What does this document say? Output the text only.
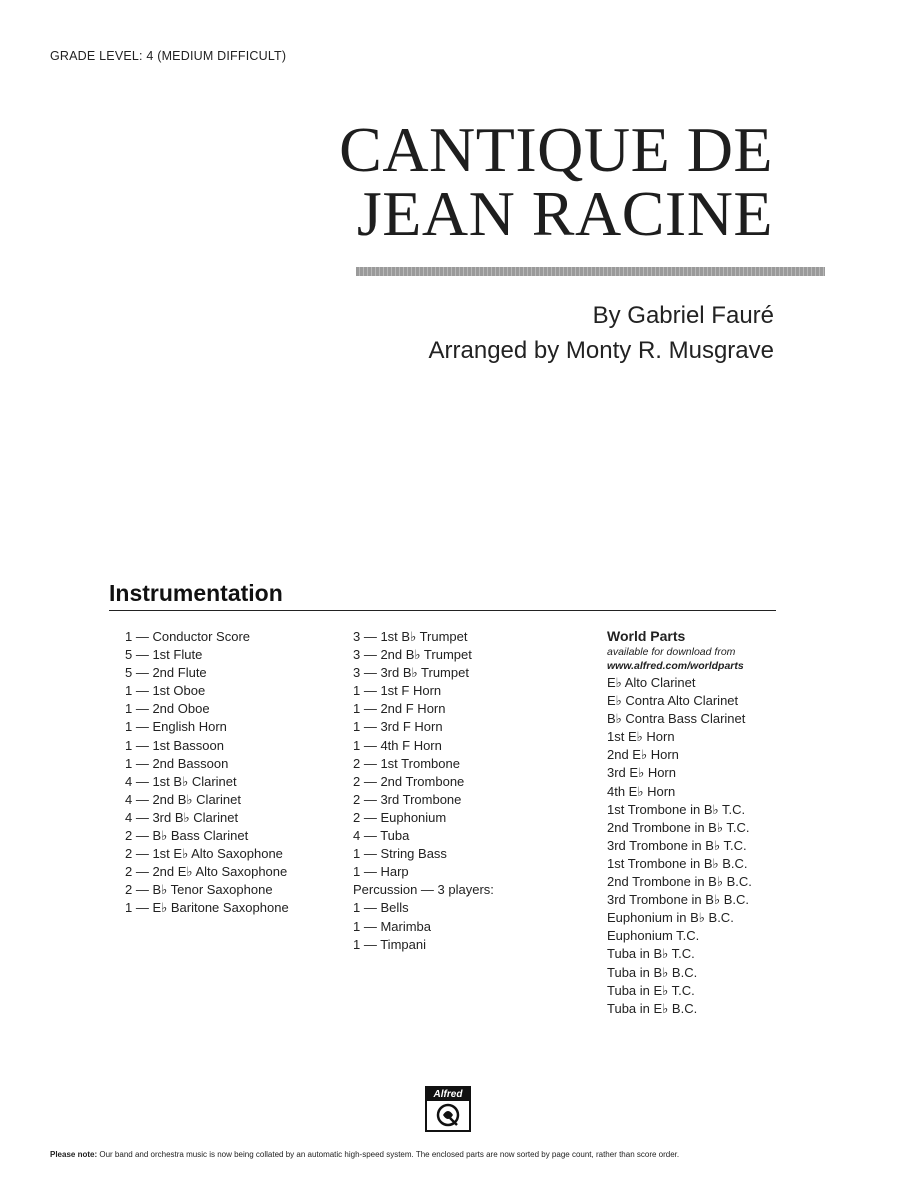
GRADE LEVEL: 4 (MEDIUM DIFFICULT)
CANTIQUE DE
JEAN RACINE
By Gabriel Fauré
Arranged by Monty R. Musgrave
Instrumentation
1 — Conductor Score
5 — 1st Flute
5 — 2nd Flute
1 — 1st Oboe
1 — 2nd Oboe
1 — English Horn
1 — 1st Bassoon
1 — 2nd Bassoon
4 — 1st B♭ Clarinet
4 — 2nd B♭ Clarinet
4 — 3rd B♭ Clarinet
2 — B♭ Bass Clarinet
2 — 1st E♭ Alto Saxophone
2 — 2nd E♭ Alto Saxophone
2 — B♭ Tenor Saxophone
1 — E♭ Baritone Saxophone
3 — 1st B♭ Trumpet
3 — 2nd B♭ Trumpet
3 — 3rd B♭ Trumpet
1 — 1st F Horn
1 — 2nd F Horn
1 — 3rd F Horn
1 — 4th F Horn
2 — 1st Trombone
2 — 2nd Trombone
2 — 3rd Trombone
2 — Euphonium
4 — Tuba
1 — String Bass
1 — Harp
Percussion — 3 players:
1 — Bells
1 — Marimba
1 — Timpani
World Parts
available for download from
www.alfred.com/worldparts
E♭ Alto Clarinet
E♭ Contra Alto Clarinet
B♭ Contra Bass Clarinet
1st E♭ Horn
2nd E♭ Horn
3rd E♭ Horn
4th E♭ Horn
1st Trombone in B♭ T.C.
2nd Trombone in B♭ T.C.
3rd Trombone in B♭ T.C.
1st Trombone in B♭ B.C.
2nd Trombone in B♭ B.C.
3rd Trombone in B♭ B.C.
Euphonium in B♭ B.C.
Euphonium T.C.
Tuba in B♭ T.C.
Tuba in B♭ B.C.
Tuba in E♭ T.C.
Tuba in E♭ B.C.
Alfred
Please note: Our band and orchestra music is now being collated by an automatic high-speed system. The enclosed parts are now sorted by page count, rather than score order.
